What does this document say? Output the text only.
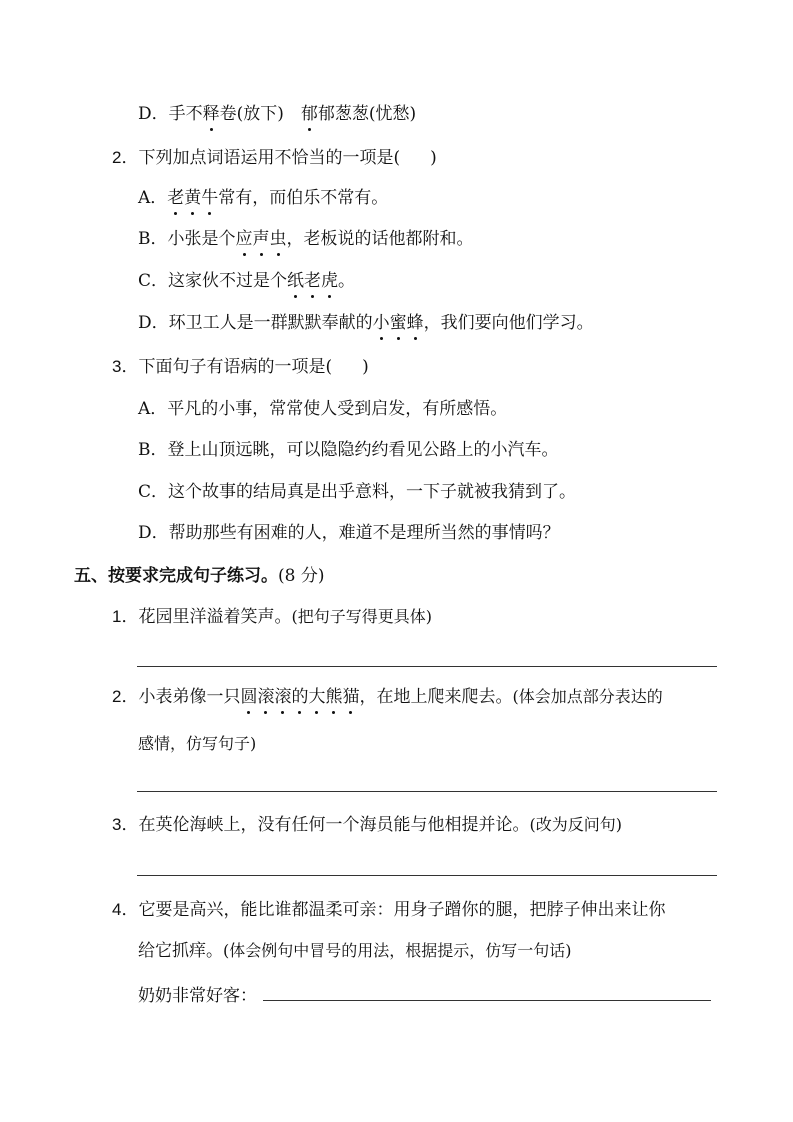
D．手不释卷(放下)　郁郁葱葱(忧愁)
2．下列加点词语运用不恰当的一项是( )
A．老黄牛常有，而伯乐不常有。
B．小张是个应声虫，老板说的话他都附和。
C．这家伙不过是个纸老虎。
D．环卫工人是一群默默奉献的小蜜蜂，我们要向他们学习。
3．下面句子有语病的一项是( )
A．平凡的小事，常常使人受到启发，有所感悟。
B．登上山顶远眺，可以隐隐约约看见公路上的小汽车。
C．这个故事的结局真是出乎意料，一下子就被我猜到了。
D．帮助那些有困难的人，难道不是理所当然的事情吗？
五、按要求完成句子练习。(8 分)
1．花园里洋溢着笑声。(把句子写得更具体)
2．小表弟像一只圆滚滚的大熊猫，在地上爬来爬去。(体会加点部分表达的
感情，仿写句子)
3．在英伦海峡上，没有任何一个海员能与他相提并论。(改为反问句)
4．它要是高兴，能比谁都温柔可亲：用身子蹭你的腿，把脖子伸出来让你
给它抓痒。(体会例句中冒号的用法，根据提示，仿写一句话)
奶奶非常好客：
